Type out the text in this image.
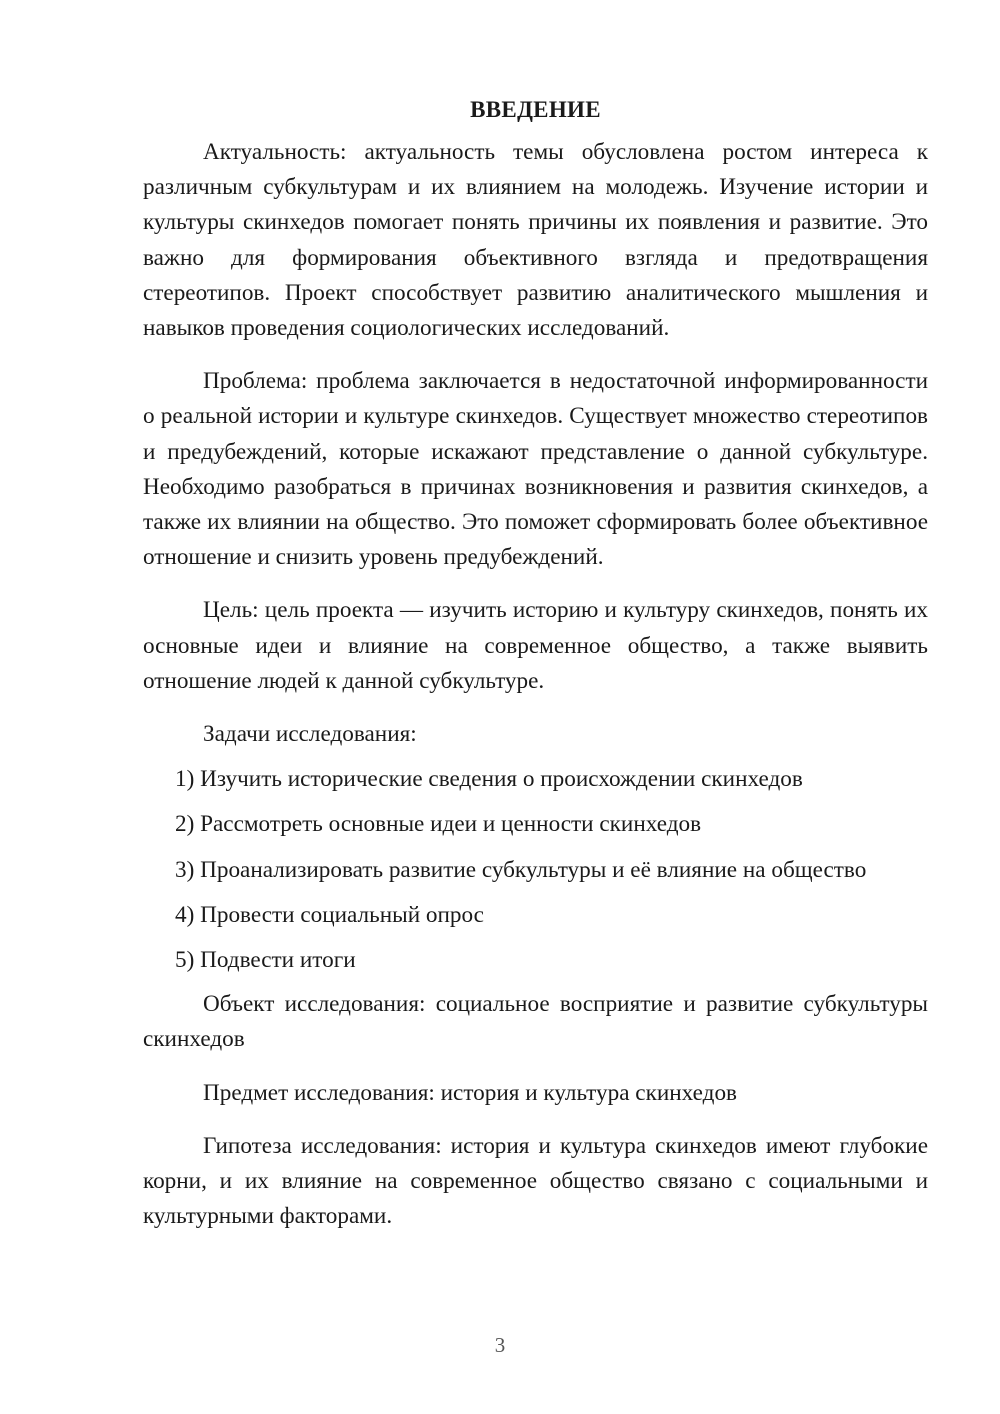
ВВЕДЕНИЕ

Актуальность: актуальность темы обусловлена ростом интереса к различным субкультурам и их влиянием на молодежь. Изучение истории и культуры скинхедов помогает понять причины их появления и развитие. Это важно для формирования объективного взгляда и предотвращения стереотипов. Проект способствует развитию аналитического мышления и навыков проведения социологических исследований.

Проблема: проблема заключается в недостаточной информированности о реальной истории и культуре скинхедов. Существует множество стереотипов и предубеждений, которые искажают представление о данной субкультуре. Необходимо разобраться в причинах возникновения и развития скинхедов, а также их влиянии на общество. Это поможет сформировать более объективное отношение и снизить уровень предубеждений.

Цель: цель проекта — изучить историю и культуру скинхедов, понять их основные идеи и влияние на современное общество, а также выявить отношение людей к данной субкультуре.

Задачи исследования:

1) Изучить исторические сведения о происхождении скинхедов
2) Рассмотреть основные идеи и ценности скинхедов
3) Проанализировать развитие субкультуры и её влияние на общество
4) Провести социальный опрос
5) Подвести итоги

Объект исследования: социальное восприятие и развитие субкультуры скинхедов

Предмет исследования: история и культура скинхедов

Гипотеза исследования: история и культура скинхедов имеют глубокие корни, и их влияние на современное общество связано с социальными и культурными факторами.

3
